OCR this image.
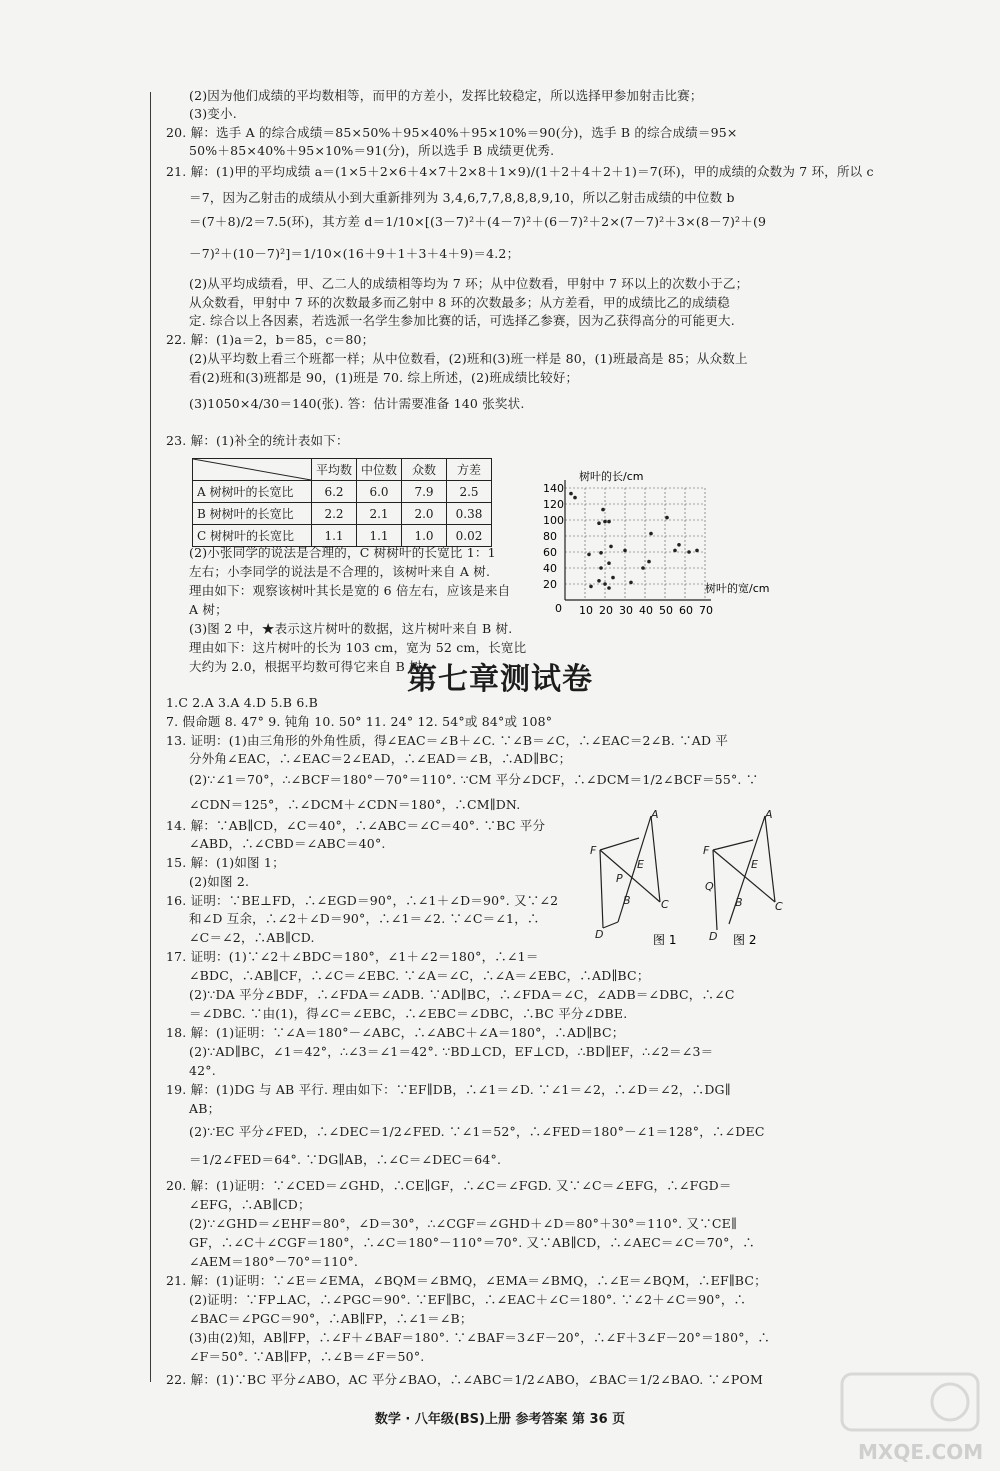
(2)因为他们成绩的平均数相等，而甲的方差小，发挥比较稳定，所以选择甲参加射击比赛；
(3)变小.
20. 解：选手 A 的综合成绩＝85×50%＋95×40%＋95×10%＝90(分)，选手 B 的综合成绩＝95×
50%＋85×40%＋95×10%＝91(分)，所以选手 B 成绩更优秀.
21. 解：(1)甲的平均成绩 a＝(1×5＋2×6＋4×7＋2×8＋1×9)/(1＋2＋4＋2＋1)＝7(环)，甲的成绩的众数为 7 环，所以 c
＝7，因为乙射击的成绩从小到大重新排列为 3,4,6,7,7,8,8,8,9,10，所以乙射击成绩的中位数 b
＝(7＋8)/2＝7.5(环)，其方差 d＝1/10×[(3－7)²＋(4－7)²＋(6－7)²＋2×(7－7)²＋3×(8－7)²＋(9
－7)²＋(10－7)²]＝1/10×(16＋9＋1＋3＋4＋9)＝4.2；
(2)从平均成绩看，甲、乙二人的成绩相等均为 7 环；从中位数看，甲射中 7 环以上的次数小于乙；
从众数看，甲射中 7 环的次数最多而乙射中 8 环的次数最多；从方差看，甲的成绩比乙的成绩稳
定. 综合以上各因素，若选派一名学生参加比赛的话，可选择乙参赛，因为乙获得高分的可能更大.
22. 解：(1)a＝2，b＝85，c＝80；
(2)从平均数上看三个班都一样；从中位数看，(2)班和(3)班一样是 80，(1)班最高是 85；从众数上
看(2)班和(3)班都是 90，(1)班是 70. 综上所述，(2)班成绩比较好；
(3)1050×4/30＝140(张). 答：估计需要准备 140 张奖状.
23. 解：(1)补全的统计表如下：
	平均数	中位数	众数	方差
A 树树叶的长宽比	6.2	6.0	7.9	2.5
B 树树叶的长宽比	2.2	2.1	2.0	0.38
C 树树叶的长宽比	1.1	1.1	1.0	0.02
(2)小张同学的说法是合理的，C 树树叶的长宽比 1：1
左右；小李同学的说法是不合理的，该树叶来自 A 树.
理由如下：观察该树叶其长是宽的 6 倍左右，应该是来自
A 树；
(3)图 2 中，★表示这片树叶的数据，这片树叶来自 B 树.
理由如下：这片树叶的长为 103 cm，宽为 52 cm，长宽比
大约为 2.0，根据平均数可得它来自 B 树.
10 20 30 40 50 60 70
20
40
60
80
100
120
140
0
树叶的长/cm
树叶的宽/cm
第七章测试卷
1.C 2.A 3.A 4.D 5.B 6.B
7. 假命题 8. 47° 9. 钝角 10. 50° 11. 24° 12. 54°或 84°或 108°
13. 证明：(1)由三角形的外角性质，得∠EAC＝∠B＋∠C. ∵∠B＝∠C，∴∠EAC＝2∠B. ∵AD 平
分外角∠EAC，∴∠EAC＝2∠EAD，∴∠EAD＝∠B，∴AD∥BC；
(2)∵∠1＝70°，∴∠BCF＝180°－70°＝110°. ∵CM 平分∠DCF，∴∠DCM＝1/2∠BCF＝55°. ∵
∠CDN＝125°，∴∠DCM＋∠CDN＝180°，∴CM∥DN.
14. 解：∵AB∥CD，∠C＝40°，∴∠ABC＝∠C＝40°. ∵BC 平分
∠ABD，∴∠CBD＝∠ABC＝40°.
15. 解：(1)如图 1；
(2)如图 2.
16. 证明：∵BE⊥FD，∴∠EGD＝90°，∴∠1＋∠D＝90°. 又∵∠2
和∠D 互余，∴∠2＋∠D＝90°，∴∠1＝∠2. ∵∠C＝∠1，∴
∠C＝∠2，∴AB∥CD.
17. 证明：(1)∵∠2＋∠BDC＝180°，∠1＋∠2＝180°，∴∠1＝
∠BDC，∴AB∥CF，∴∠C＝∠EBC. ∵∠A＝∠C，∴∠A＝∠EBC，∴AD∥BC；
(2)∵DA 平分∠BDF，∴∠FDA＝∠ADB. ∵AD∥BC，∴∠FDA＝∠C，∠ADB＝∠DBC，∴∠C
＝∠DBC. ∵由(1)，得∠C＝∠EBC，∴∠EBC＝∠DBC，∴BC 平分∠DBE.
18. 解：(1)证明：∵∠A＝180°－∠ABC，∴∠ABC＋∠A＝180°，∴AD∥BC；
(2)∵AD∥BC，∠1＝42°，∴∠3＝∠1＝42°. ∵BD⊥CD，EF⊥CD，∴BD∥EF，∴∠2＝∠3＝
42°.
19. 解：(1)DG 与 AB 平行. 理由如下：∵EF∥DB，∴∠1＝∠D. ∵∠1＝∠2，∴∠D＝∠2，∴DG∥
AB；
(2)∵EC 平分∠FED，∴∠DEC＝1/2∠FED. ∵∠1＝52°，∴∠FED＝180°－∠1＝128°，∴∠DEC
＝1/2∠FED＝64°. ∵DG∥AB，∴∠C＝∠DEC＝64°.
20. 解：(1)证明：∵∠CED＝∠GHD，∴CE∥GF，∴∠C＝∠FGD. 又∵∠C＝∠EFG，∴∠FGD＝
∠EFG，∴AB∥CD；
(2)∵∠GHD＝∠EHF＝80°，∠D＝30°，∴∠CGF＝∠GHD＋∠D＝80°＋30°＝110°. 又∵CE∥
GF，∴∠C＋∠CGF＝180°，∴∠C＝180°－110°＝70°. 又∵AB∥CD，∴∠AEC＝∠C＝70°，∴
∠AEM＝180°－70°＝110°.
21. 解：(1)证明：∵∠E＝∠EMA，∠BQM＝∠BMQ，∠EMA＝∠BMQ，∴∠E＝∠BQM，∴EF∥BC；
(2)证明：∵FP⊥AC，∴∠PGC＝90°. ∵EF∥BC，∴∠EAC＋∠C＝180°. ∵∠2＋∠C＝90°，∴
∠BAC＝∠PGC＝90°，∴AB∥FP，∴∠1＝∠B；
(3)由(2)知，AB∥FP，∴∠F＋∠BAF＝180°. ∵∠BAF＝3∠F－20°，∴∠F＋3∠F－20°＝180°，∴
∠F＝50°. ∵AB∥FP，∴∠B＝∠F＝50°.
22. 解：(1)∵BC 平分∠ABO，AC 平分∠BAO，∴∠ABC＝1/2∠ABO，∠BAC＝1/2∠BAO. ∵∠POM
A
F
E
P
B	C
D
A
F
E
Q
B	C
D
图 1	图 2
数学 · 八年级(BS)上册 参考答案 第 36 页
MXQE.COM
